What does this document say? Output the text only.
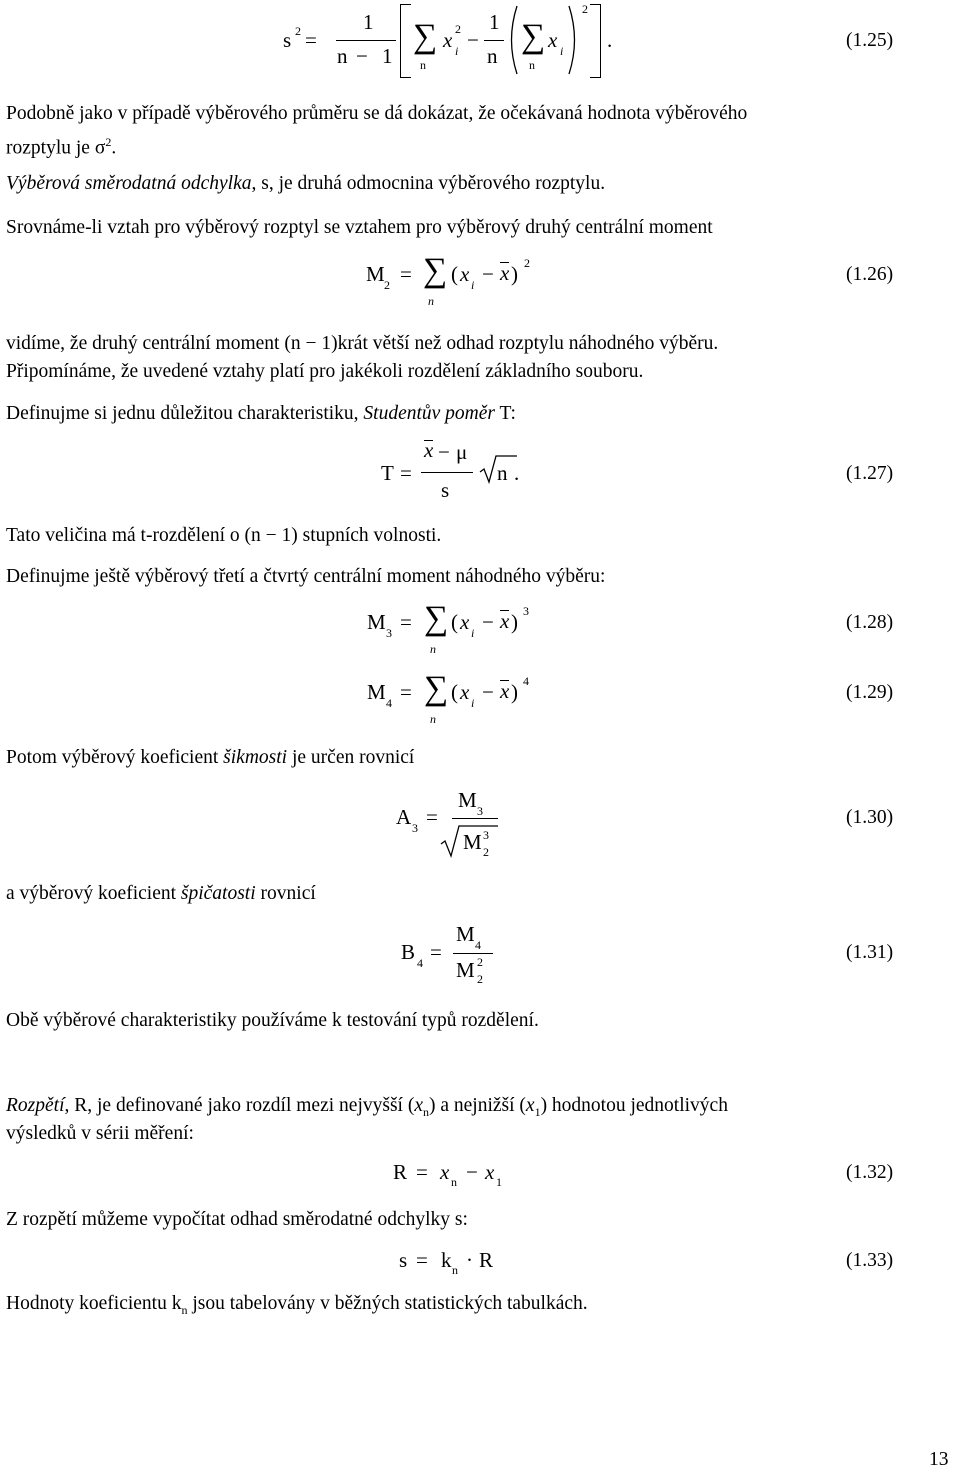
s 2 =
1
n − 1
∑
n
x 2
i −
1
n
∑
n
x i
2
.	(1.25)
Podobně jako v případě výběrového průměru se dá dokázat, že očekávaná hodnota výběrového
rozptylu je $\sigma^2$.
Výběrová směrodatná odchylka, s, je druhá odmocnina výběrového rozptylu.
Srovnáme-li vztah pro výběrový rozptyl se vztahem pro výběrový druhý centrální moment
M 2 = ∑
n
( x i − x ) 2
(1.26)
vidíme, že druhý centrální moment (n − 1)krát větší než odhad rozptylu náhodného výběru.
Připomínáme, že uvedené vztahy platí pro jakékoli rozdělení základního souboru.
Definujme si jednu důležitou charakteristiku, Studentův poměr T:
T =
x − μ
s
n .	(1.27)
Tato veličina má t-rozdělení o (n − 1) stupních volnosti.
Definujme ještě výběrový třetí a čtvrtý centrální moment náhodného výběru:
M 3 = ∑
n
( x i − x ) 3
(1.28)
M 4 = ∑
n
( x i − x ) 4
(1.29)
Potom výběrový koeficient šikmosti je určen rovnicí
A 3 =
M 3
M 3
2
(1.30)
a výběrový koeficient špičatosti rovnicí
B 4 =
M 4
M 2
2
(1.31)
Obě výběrové charakteristiky používáme k testování typů rozdělení.
Rozpětí, R, je definované jako rozdíl mezi nejvyšší $(x_n)$ a nejnižší $(x_1)$ hodnotou jednotlivých
výsledků v sérii měření:
R = x n − x 1	(1.32)
Z rozpětí můžeme vypočítat odhad směrodatné odchylky s:
s = k n · R	(1.33)
Hodnoty koeficientu $k_n$ jsou tabelovány v běžných statistických tabulkách.
13
